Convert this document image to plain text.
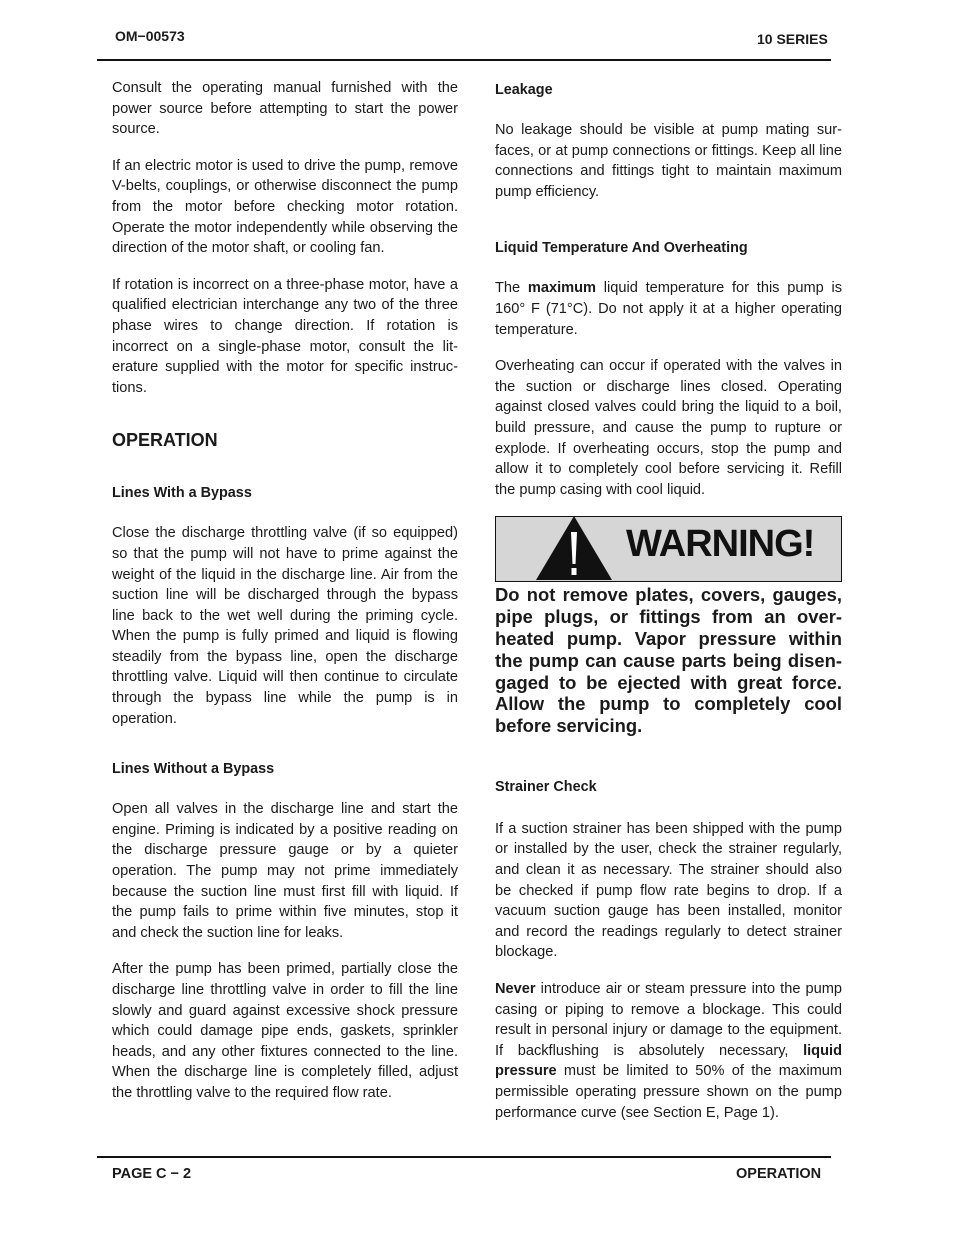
OM−00573	10 SERIES

Consult the operating manual furnished with the power source before attempting to start the power source.

If an electric motor is used to drive the pump, remove V-belts, couplings, or otherwise disconnect the pump from the motor before checking motor rotation. Operate the motor independently while observing the direction of the motor shaft, or cooling fan.

If rotation is incorrect on a three-phase motor, have a qualified electrician interchange any two of the three phase wires to change direction. If rotation is incorrect on a single-phase motor, consult the literature supplied with the motor for specific instructions.

OPERATION
Lines With a Bypass

Close the discharge throttling valve (if so equipped) so that the pump will not have to prime against the weight of the liquid in the discharge line. Air from the suction line will be discharged through the bypass line back to the wet well during the priming cycle. When the pump is fully primed and liquid is flowing steadily from the bypass line, open the discharge throttling valve. Liquid will then continue to circulate through the bypass line while the pump is in operation.

Lines Without a Bypass

Open all valves in the discharge line and start the engine. Priming is indicated by a positive reading on the discharge pressure gauge or by a quieter operation. The pump may not prime immediately because the suction line must first fill with liquid. If the pump fails to prime within five minutes, stop it and check the suction line for leaks.

After the pump has been primed, partially close the discharge line throttling valve in order to fill the line slowly and guard against excessive shock pressure which could damage pipe ends, gaskets, sprinkler heads, and any other fixtures connected to the line. When the discharge line is completely filled, adjust the throttling valve to the required flow rate.

Leakage

No leakage should be visible at pump mating surfaces, or at pump connections or fittings. Keep all line connections and fittings tight to maintain maximum pump efficiency.

Liquid Temperature And Overheating

The maximum liquid temperature for this pump is 160° F (71°C). Do not apply it at a higher operating temperature.

Overheating can occur if operated with the valves in the suction or discharge lines closed. Operating against closed valves could bring the liquid to a boil, build pressure, and cause the pump to rupture or explode. If overheating occurs, stop the pump and allow it to completely cool before servicing it. Refill the pump casing with cool liquid.

WARNING!

Do not remove plates, covers, gauges, pipe plugs, or fittings from an overheated pump. Vapor pressure within the pump can cause parts being disengaged to be ejected with great force. Allow the pump to completely cool before servicing.

Strainer Check

If a suction strainer has been shipped with the pump or installed by the user, check the strainer regularly, and clean it as necessary. The strainer should also be checked if pump flow rate begins to drop. If a vacuum suction gauge has been installed, monitor and record the readings regularly to detect strainer blockage.

Never introduce air or steam pressure into the pump casing or piping to remove a blockage. This could result in personal injury or damage to the equipment. If backflushing is absolutely necessary, liquid pressure must be limited to 50% of the maximum permissible operating pressure shown on the pump performance curve (see Section E, Page 1).

PAGE C − 2	OPERATION
